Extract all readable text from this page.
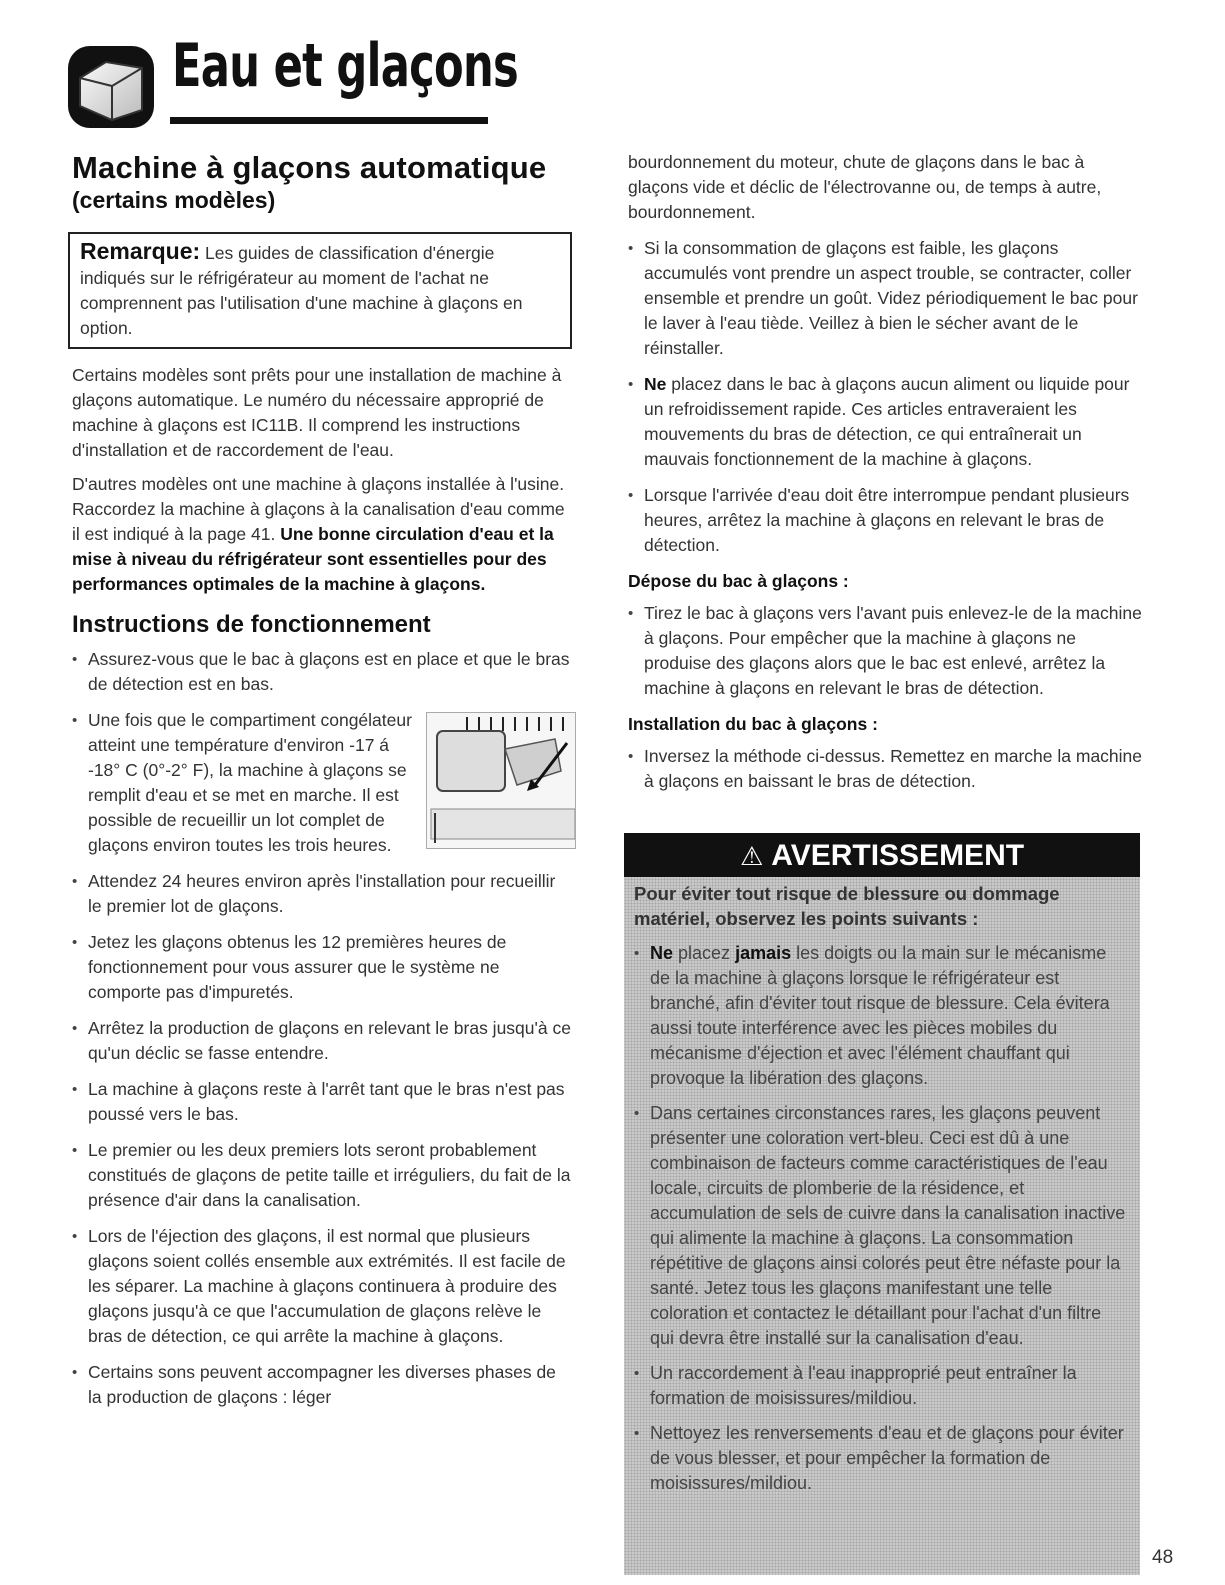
Eau et glaçons
Machine à glaçons automatique
(certains modèles)
Remarque: Les guides de classification d'énergie indiqués sur le réfrigérateur au moment de l'achat ne comprennent pas l'utilisation d'une machine à glaçons en option.

Certains modèles sont prêts pour une installation de machine à glaçons automatique. Le numéro du nécessaire approprié de machine à glaçons est IC11B. Il comprend les instructions d'installation et de raccordement de l'eau.

D'autres modèles ont une machine à glaçons installée à l'usine. Raccordez la machine à glaçons à la canalisation d'eau comme il est indiqué à la page 41. Une bonne circulation d'eau et la mise à niveau du réfrigérateur sont essentielles pour des performances optimales de la machine à glaçons.

Instructions de fonctionnement
• Assurez-vous que le bac à glaçons est en place et que le bras de détection est en bas.
• Une fois que le compartiment congélateur atteint une température d'environ -17 á -18° C (0°-2° F), la machine à glaçons se remplit d'eau et se met en marche. Il est possible de recueillir un lot complet de glaçons environ toutes les trois heures.
• Attendez 24 heures environ après l'installation pour recueillir le premier lot de glaçons.
• Jetez les glaçons obtenus les 12 premières heures de fonctionnement pour vous assurer que le système ne comporte pas d'impuretés.
• Arrêtez la production de glaçons en relevant le bras jusqu'à ce qu'un déclic se fasse entendre.
• La machine à glaçons reste à l'arrêt tant que le bras n'est pas poussé vers le bas.
• Le premier ou les deux premiers lots seront probablement constitués de glaçons de petite taille et irréguliers, du fait de la présence d'air dans la canalisation.
• Lors de l'éjection des glaçons, il est normal que plusieurs glaçons soient collés ensemble aux extrémités. Il est facile de les séparer. La machine à glaçons continuera à produire des glaçons jusqu'à ce que l'accumulation de glaçons relève le bras de détection, ce qui arrête la machine à glaçons.
• Certains sons peuvent accompagner les diverses phases de la production de glaçons : léger

bourdonnement du moteur, chute de glaçons dans le bac à glaçons vide et déclic de l'électrovanne ou, de temps à autre, bourdonnement.

• Si la consommation de glaçons est faible, les glaçons accumulés vont prendre un aspect trouble, se contracter, coller ensemble et prendre un goût. Videz périodiquement le bac pour le laver à l'eau tiède. Veillez à bien le sécher avant de le réinstaller.
• Ne placez dans le bac à glaçons aucun aliment ou liquide pour un refroidissement rapide. Ces articles entraveraient les mouvements du bras de détection, ce qui entraînerait un mauvais fonctionnement de la machine à glaçons.
• Lorsque l'arrivée d'eau doit être interrompue pendant plusieurs heures, arrêtez la machine à glaçons en relevant le bras de détection.
Dépose du bac à glaçons :
• Tirez le bac à glaçons vers l'avant puis enlevez-le de la machine à glaçons. Pour empêcher que la machine à glaçons ne produise des glaçons alors que le bac est enlevé, arrêtez la machine à glaçons en relevant le bras de détection.
Installation du bac à glaçons :
• Inversez la méthode ci-dessus. Remettez en marche la machine à glaçons en baissant le bras de détection.
⚠ AVERTISSEMENT

Pour éviter tout risque de blessure ou dommage matériel, observez les points suivants :

• Ne placez jamais les doigts ou la main sur le mécanisme de la machine à glaçons lorsque le réfrigérateur est branché, afin d'éviter tout risque de blessure. Cela évitera aussi toute interférence avec les pièces mobiles du mécanisme d'éjection et avec l'élément chauffant qui provoque la libération des glaçons.
• Dans certaines circonstances rares, les glaçons peuvent présenter une coloration vert-bleu. Ceci est dû à une combinaison de facteurs comme caractéristiques de l'eau locale, circuits de plomberie de la résidence, et accumulation de sels de cuivre dans la canalisation inactive qui alimente la machine à glaçons. La consommation répétitive de glaçons ainsi colorés peut être néfaste pour la santé. Jetez tous les glaçons manifestant une telle coloration et contactez le détaillant pour l'achat d'un filtre qui devra être installé sur la canalisation d'eau.
• Un raccordement à l'eau inapproprié peut entraîner la formation de moisissures/mildiou.
• Nettoyez les renversements d'eau et de glaçons pour éviter de vous blesser, et pour empêcher la formation de moisissures/mildiou.
48
